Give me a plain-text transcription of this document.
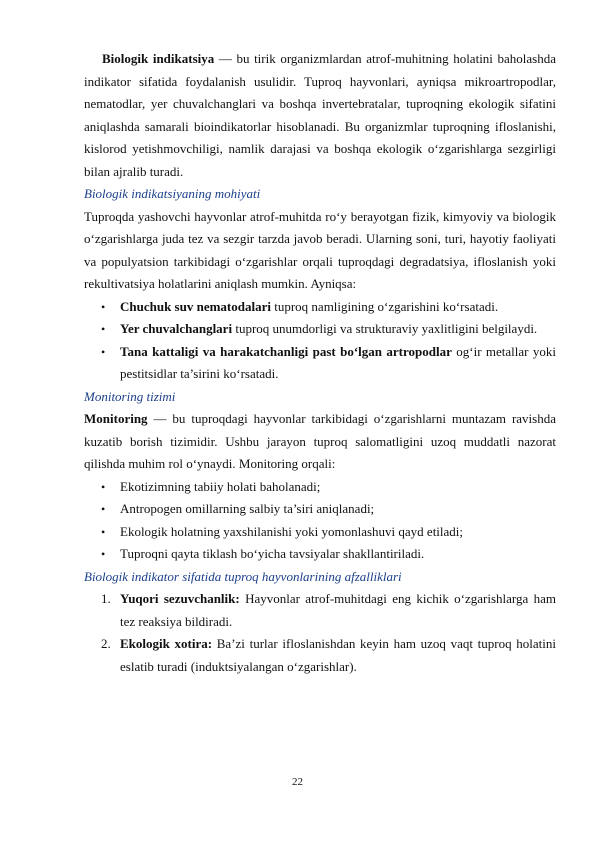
Biologik indikatsiya — bu tirik organizmlardan atrof-muhitning holatini baholashda indikator sifatida foydalanish usulidir. Tuproq hayvonlari, ayniqsa mikroartropodlar, nematodlar, yer chuvalchanglari va boshqa invertebratalar, tuproqning ekologik sifatini aniqlashda samarali bioindikatorlar hisoblanadi. Bu organizmlar tuproqning ifloslanishi, kislorod yetishmovchiligi, namlik darajasi va boshqa ekologik o‘zgarishlarga sezgirligi bilan ajralib turadi.

Biologik indikatsiyaning mohiyati

Tuproqda yashovchi hayvonlar atrof-muhitda ro‘y berayotgan fizik, kimyoviy va biologik o‘zgarishlarga juda tez va sezgir tarzda javob beradi. Ularning soni, turi, hayotiy faoliyati va populyatsion tarkibidagi o‘zgarishlar orqali tuproqdagi degradatsiya, ifloslanish yoki rekultivatsiya holatlarini aniqlash mumkin. Ayniqsa:

• Chuchuk suv nematodalari tuproq namligining o‘zgarishini ko‘rsatadi.
• Yer chuvalchanglari tuproq unumdorligi va strukturaviy yaxlitligini belgilaydi.
• Tana kattaligi va harakatchanligi past bo‘lgan artropodlar og‘ir metallar yoki pestitsidlar ta’sirini ko‘rsatadi.
Monitoring tizimi

Monitoring — bu tuproqdagi hayvonlar tarkibidagi o‘zgarishlarni muntazam ravishda kuzatib borish tizimidir. Ushbu jarayon tuproq salomatligini uzoq muddatli nazorat qilishda muhim rol o‘ynaydi. Monitoring orqali:

• Ekotizimning tabiiy holati baholanadi;
• Antropogen omillarning salbiy ta’siri aniqlanadi;
• Ekologik holatning yaxshilanishi yoki yomonlashuvi qayd etiladi;
• Tuproqni qayta tiklash bo‘yicha tavsiyalar shakllantiriladi.
Biologik indikator sifatida tuproq hayvonlarining afzalliklari
1. Yuqori sezuvchanlik: Hayvonlar atrof-muhitdagi eng kichik o‘zgarishlarga ham tez reaksiya bildiradi.
2. Ekologik xotira: Ba’zi turlar ifloslanishdan keyin ham uzoq vaqt tuproq holatini eslatib turadi (induktsiyalangan o‘zgarishlar).
22
